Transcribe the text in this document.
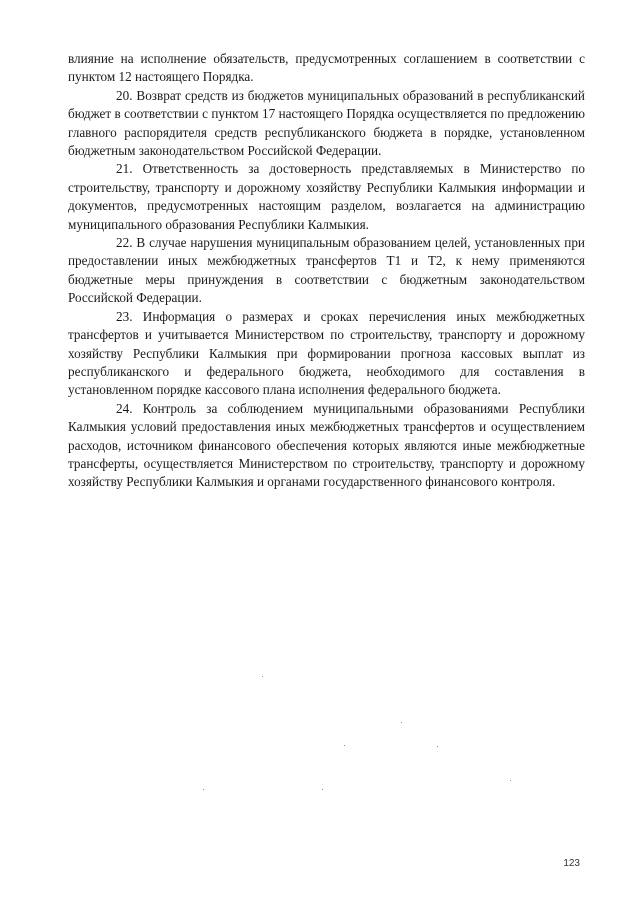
влияние на исполнение обязательств, предусмотренных соглашением в соответствии с пунктом 12 настоящего Порядка.

20. Возврат средств из бюджетов муниципальных образований в республиканский бюджет в соответствии с пунктом 17 настоящего Порядка осуществляется по предложению главного распорядителя средств республиканского бюджета в порядке, установленном бюджетным законодательством Российской Федерации.

21. Ответственность за достоверность представляемых в Министерство по строительству, транспорту и дорожному хозяйству Республики Калмыкия информации и документов, предусмотренных настоящим разделом, возлагается на администрацию муниципального образования Республики Калмыкия.

22. В случае нарушения муниципальным образованием целей, установленных при предоставлении иных межбюджетных трансфертов Т1 и Т2, к нему применяются бюджетные меры принуждения в соответствии с бюджетным законодательством Российской Федерации.

23. Информация о размерах и сроках перечисления иных межбюджетных трансфертов и учитывается Министерством по строительству, транспорту и дорожному хозяйству Республики Калмыкия при формировании прогноза кассовых выплат из республиканского и федерального бюджета, необходимого для составления в установленном порядке кассового плана исполнения федерального бюджета.

24. Контроль за соблюдением муниципальными образованиями Республики Калмыкия условий предоставления иных межбюджетных трансфертов и осуществлением расходов, источником финансового обеспечения которых являются иные межбюджетные трансферты, осуществляется Министерством по строительству, транспорту и дорожному хозяйству Республики Калмыкия и органами государственного финансового контроля.

123
